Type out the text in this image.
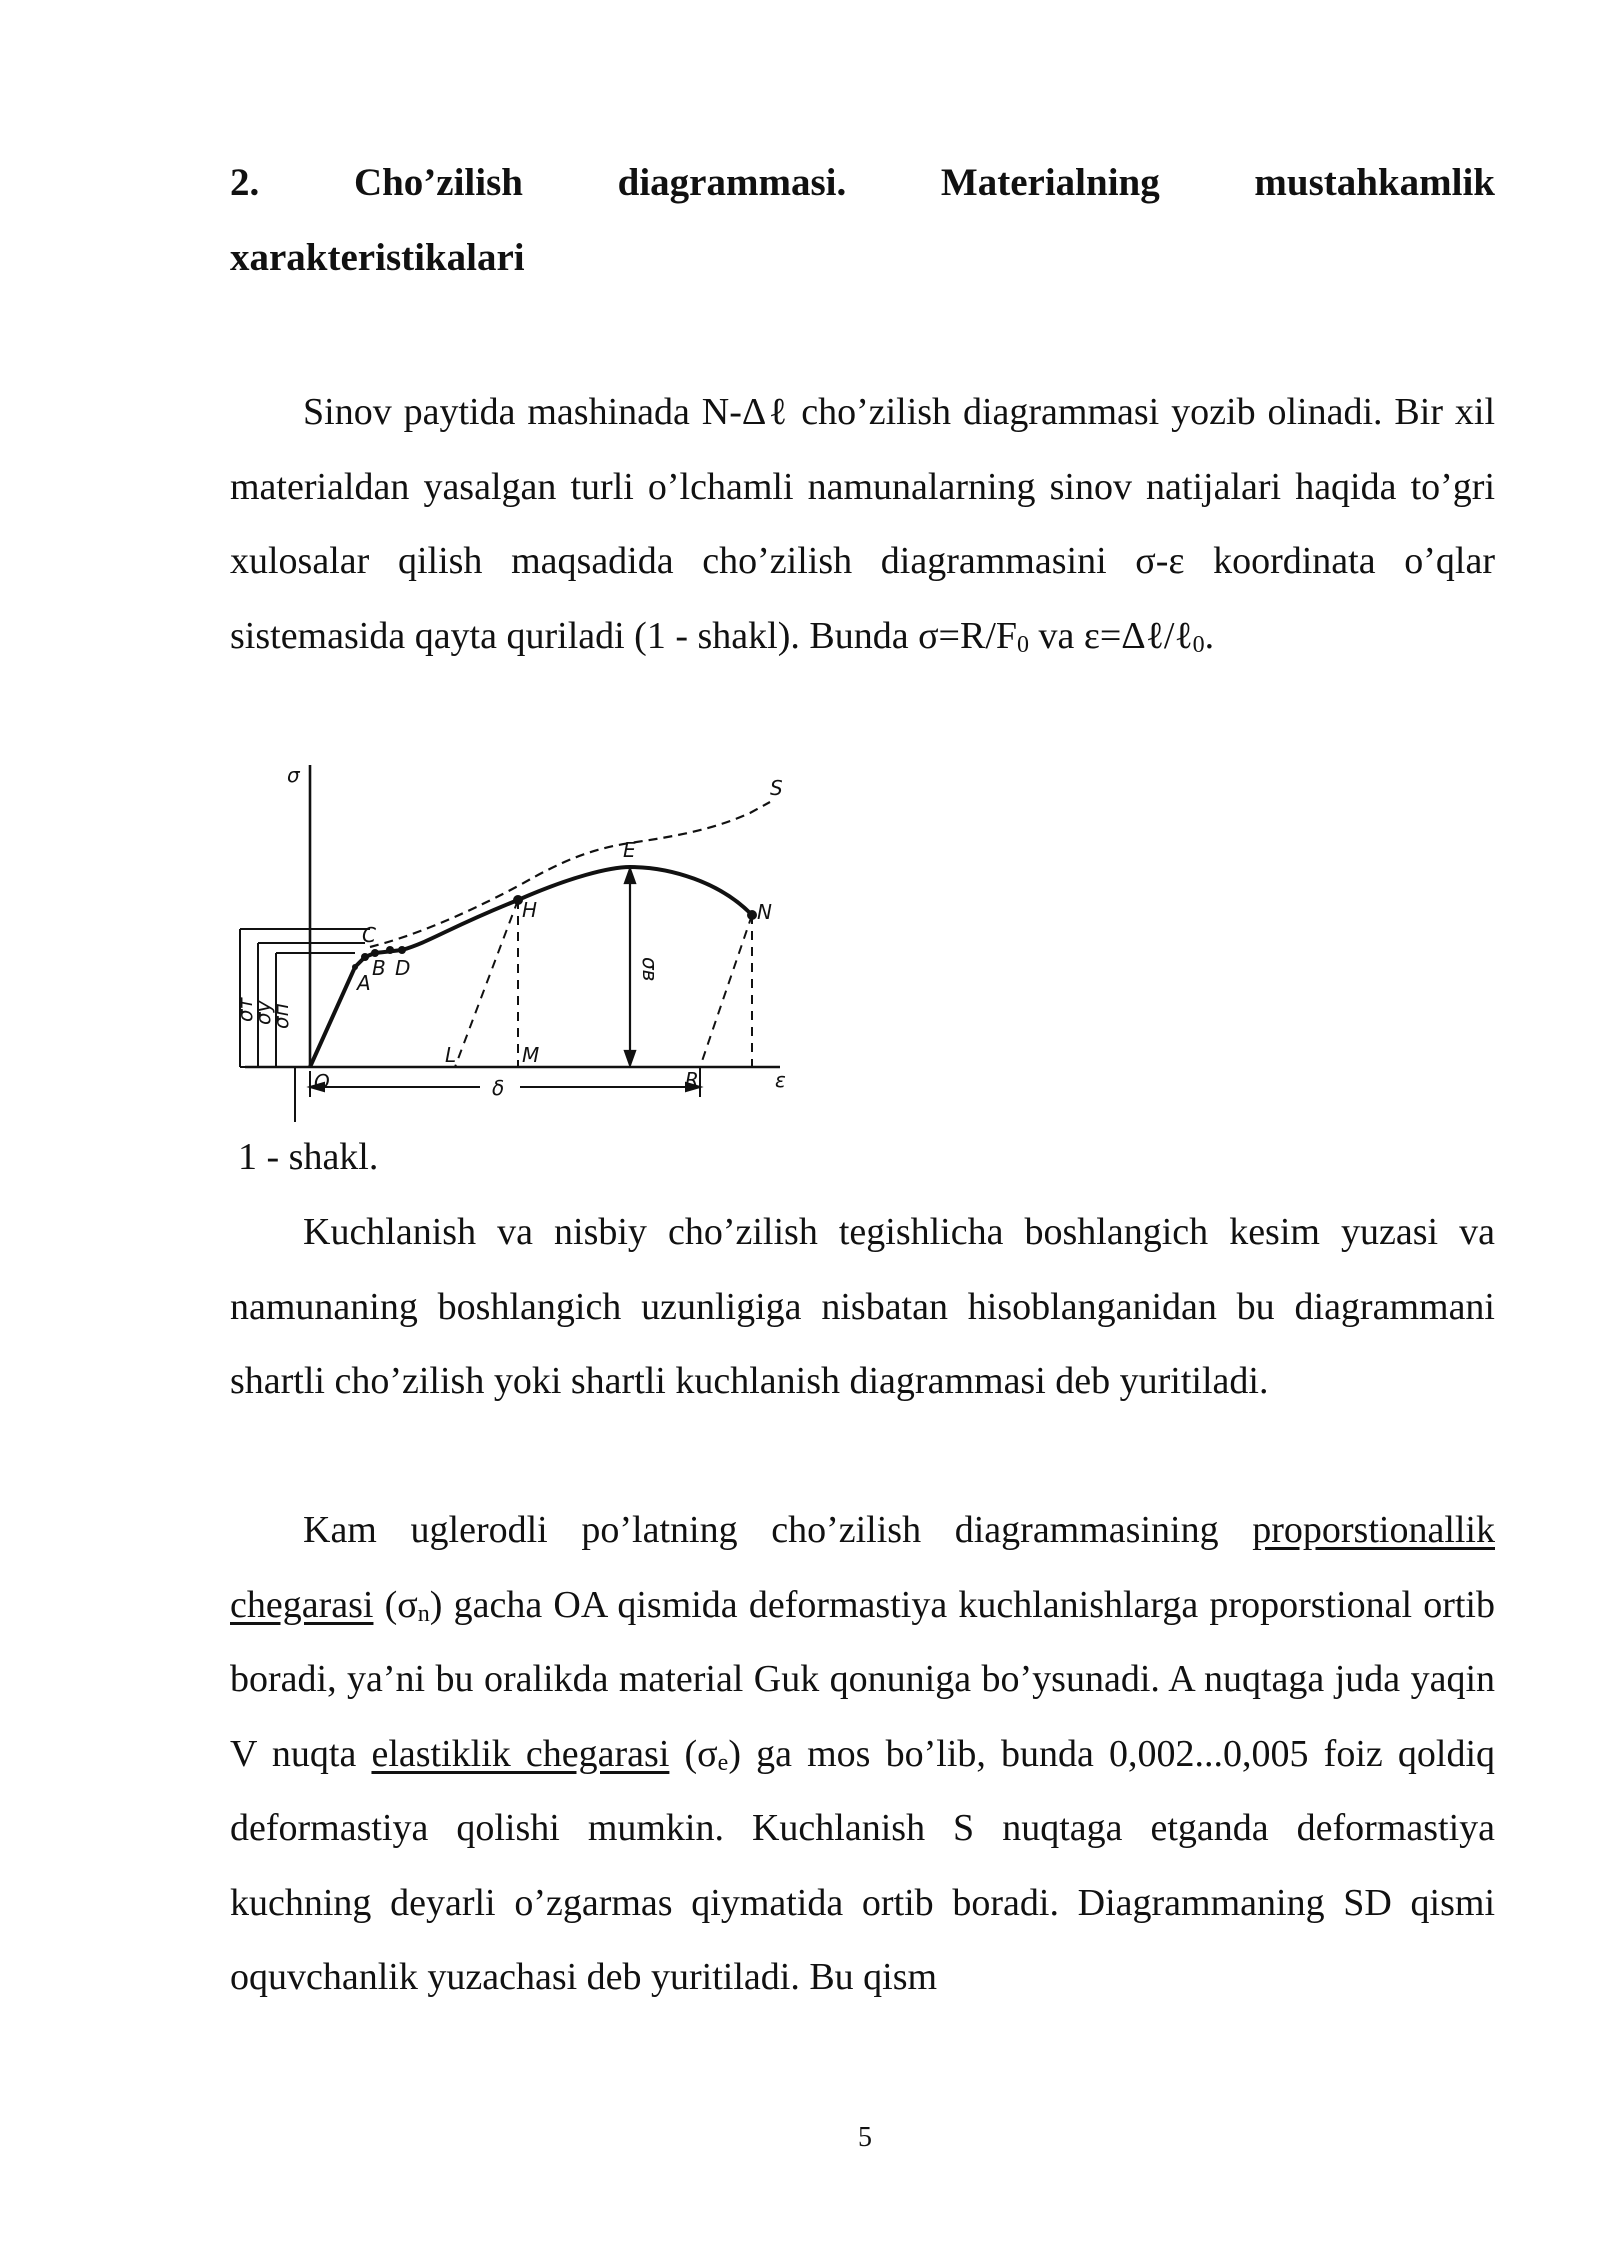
2. Cho’zilish diagrammasi. Materialning mustahkamlik
xarakteristikalari

Sinov paytida mashinada N-Δℓ cho’zilish diagrammasi yozib olinadi. Bir xil materialdan yasalgan turli o’lchamli namunalarning sinov natijalari haqida to’gri xulosalar qilish maqsadida cho’zilish diagrammasini σ-ε koordinata o’qlar sistemasida qayta quriladi (1 - shakl). Bunda $\sigma=R/F_0$ va ε=Δℓ/ℓ$_0$.

σ
ε
S
E
H	N
C
B D
A
O
L	M
R
δ
σв
σт
σу
σп
1 - shakl.

Kuchlanish va nisbiy cho’zilish tegishlicha boshlangich kesim yuzasi va namunaning boshlangich uzunligiga nisbatan hisoblanganidan bu diagrammani shartli cho’zilish yoki shartli kuchlanish diagrammasi deb yuritiladi.

Kam uglerodli po’latning cho’zilish diagrammasining proporstionallik chegarasi $(\sigma_n)$ gacha OA qismida deformastiya kuchlanishlarga proporstional ortib boradi, ya’ni bu oralikda material Guk qonuniga bo’ysunadi. A nuqtaga juda yaqin V nuqta elastiklik chegarasi $(\sigma_e)$ ga mos bo’lib, bunda 0,002...0,005 foiz qoldiq deformastiya qolishi mumkin. Kuchlanish S nuqtaga etganda deformastiya kuchning deyarli o’zgarmas qiymatida ortib boradi. Diagrammaning SD qismi oquvchanlik yuzachasi deb yuritiladi. Bu qism

5
